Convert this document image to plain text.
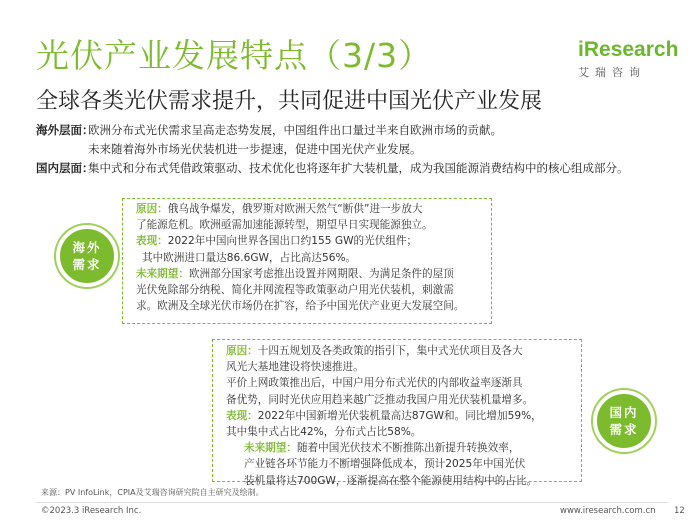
光伏产业发展特点（3/3）	iResearch
艾瑞咨询
全球各类光伏需求提升，共同促进中国光伏产业发展
海外层面：
欧洲分布式光伏需求呈高走态势发展，中国组件出口量过半来自欧洲市场的贡献。
未来随着海外市场光伏装机进一步提速，促进中国光伏产业发展。
国内层面：
集中式和分布式凭借政策驱动、技术优化也将逐年扩大装机量，成为我国能源消费结构中的核心组成部分。
海外
需求
原因：俄乌战争爆发，俄罗斯对欧洲天然气“断供”进一步放大
了能源危机。欧洲亟需加速能源转型，期望早日实现能源独立。
表现：2022年中国向世界各国出口约155 GW的光伏组件；
其中欧洲进口量达86.6GW，占比高达56%。
未来期望：欧洲部分国家考虑推出设置并网期限、为满足条件的屋顶
光伏免除部分纳税、简化并网流程等政策驱动户用光伏装机，刺激需
求。欧洲及全球光伏市场仍在扩容，给予中国光伏产业更大发展空间。
国内
需求
原因：十四五规划及各类政策的指引下，集中式光伏项目及各大
风光大基地建设将快速推进。
平价上网政策推出后，中国户用分布式光伏的内部收益率逐渐具
备优势，同时光伏应用趋来越广泛推动我国户用光伏装机量增多。
表现：2022年中国新增光伏装机量高达87GW和。同比增加59%，
其中集中式占比42%，分布式占比58%。
未来期望：随着中国光伏技术不断推陈出新提升转换效率，
产业链各环节能力不断增强降低成本，预计2025年中国光伏
装机量将达700GW，逐渐提高在整个能源使用结构中的占比。
来源：PV InfoLink，CPIA及艾瑞咨询研究院自主研究及绘制。
©2023.3 iResearch Inc.	www.iresearch.com.cn 12
